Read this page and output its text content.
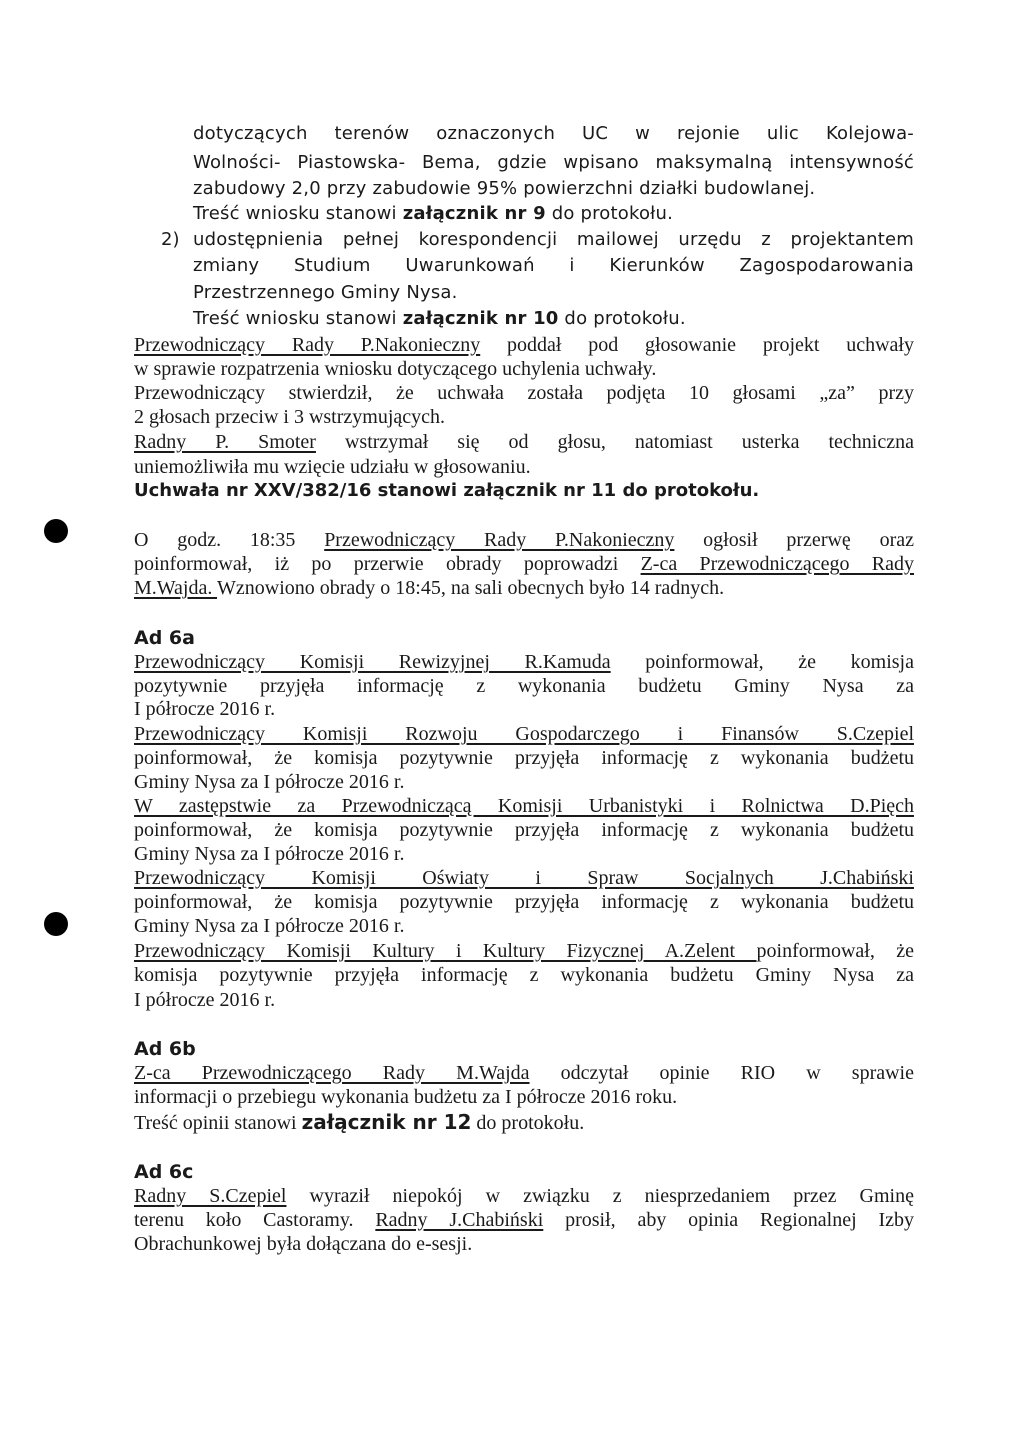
dotyczących terenów oznaczonych UC w rejonie ulic Kolejowa-
Wolności- Piastowska- Bema, gdzie wpisano maksymalną intensywność
zabudowy 2,0 przy zabudowie 95% powierzchni działki budowlanej.
Treść wniosku stanowi załącznik nr 9 do protokołu.
2) udostępnienia pełnej korespondencji mailowej urzędu z projektantem
zmiany Studium Uwarunkowań i Kierunków Zagospodarowania
Przestrzennego Gminy Nysa.
Treść wniosku stanowi załącznik nr 10 do protokołu.
Przewodniczący Rady P.Nakonieczny poddał pod głosowanie projekt uchwały
w sprawie rozpatrzenia wniosku dotyczącego uchylenia uchwały.
Przewodniczący stwierdził, że uchwała została podjęta 10 głosami „za” przy
2 głosach przeciw i 3 wstrzymujących.
Radny P. Smoter wstrzymał się od głosu, natomiast usterka techniczna
uniemożliwiła mu wzięcie udziału w głosowaniu.
Uchwała nr XXV/382/16 stanowi załącznik nr 11 do protokołu.
O godz. 18:35 Przewodniczący Rady P.Nakonieczny ogłosił przerwę oraz
poinformował, iż po przerwie obrady poprowadzi Z-ca Przewodniczącego Rady
M.Wajda. Wznowiono obrady o 18:45, na sali obecnych było 14 radnych.
Ad 6a
Przewodniczący Komisji Rewizyjnej R.Kamuda poinformował, że komisja
pozytywnie przyjęła informację z wykonania budżetu Gminy Nysa za
I półrocze 2016 r.
Przewodniczący Komisji Rozwoju Gospodarczego i Finansów S.Czepiel
poinformował, że komisja pozytywnie przyjęła informację z wykonania budżetu
Gminy Nysa za I półrocze 2016 r.
W zastępstwie za Przewodniczącą Komisji Urbanistyki i Rolnictwa D.Pięch
poinformował, że komisja pozytywnie przyjęła informację z wykonania budżetu
Gminy Nysa za I półrocze 2016 r.
Przewodniczący Komisji Oświaty i Spraw Socjalnych J.Chabiński
poinformował, że komisja pozytywnie przyjęła informację z wykonania budżetu
Gminy Nysa za I półrocze 2016 r.
Przewodniczący Komisji Kultury i Kultury Fizycznej A.Zelent poinformował, że
komisja pozytywnie przyjęła informację z wykonania budżetu Gminy Nysa za
I półrocze 2016 r.
Ad 6b
Z-ca Przewodniczącego Rady M.Wajda odczytał opinie RIO w sprawie
informacji o przebiegu wykonania budżetu za I półrocze 2016 roku.
Treść opinii stanowi załącznik nr 12 do protokołu.
Ad 6c
Radny S.Czepiel wyraził niepokój w związku z niesprzedaniem przez Gminę
terenu koło Castoramy. Radny J.Chabiński prosił, aby opinia Regionalnej Izby
Obrachunkowej była dołączana do e-sesji.
